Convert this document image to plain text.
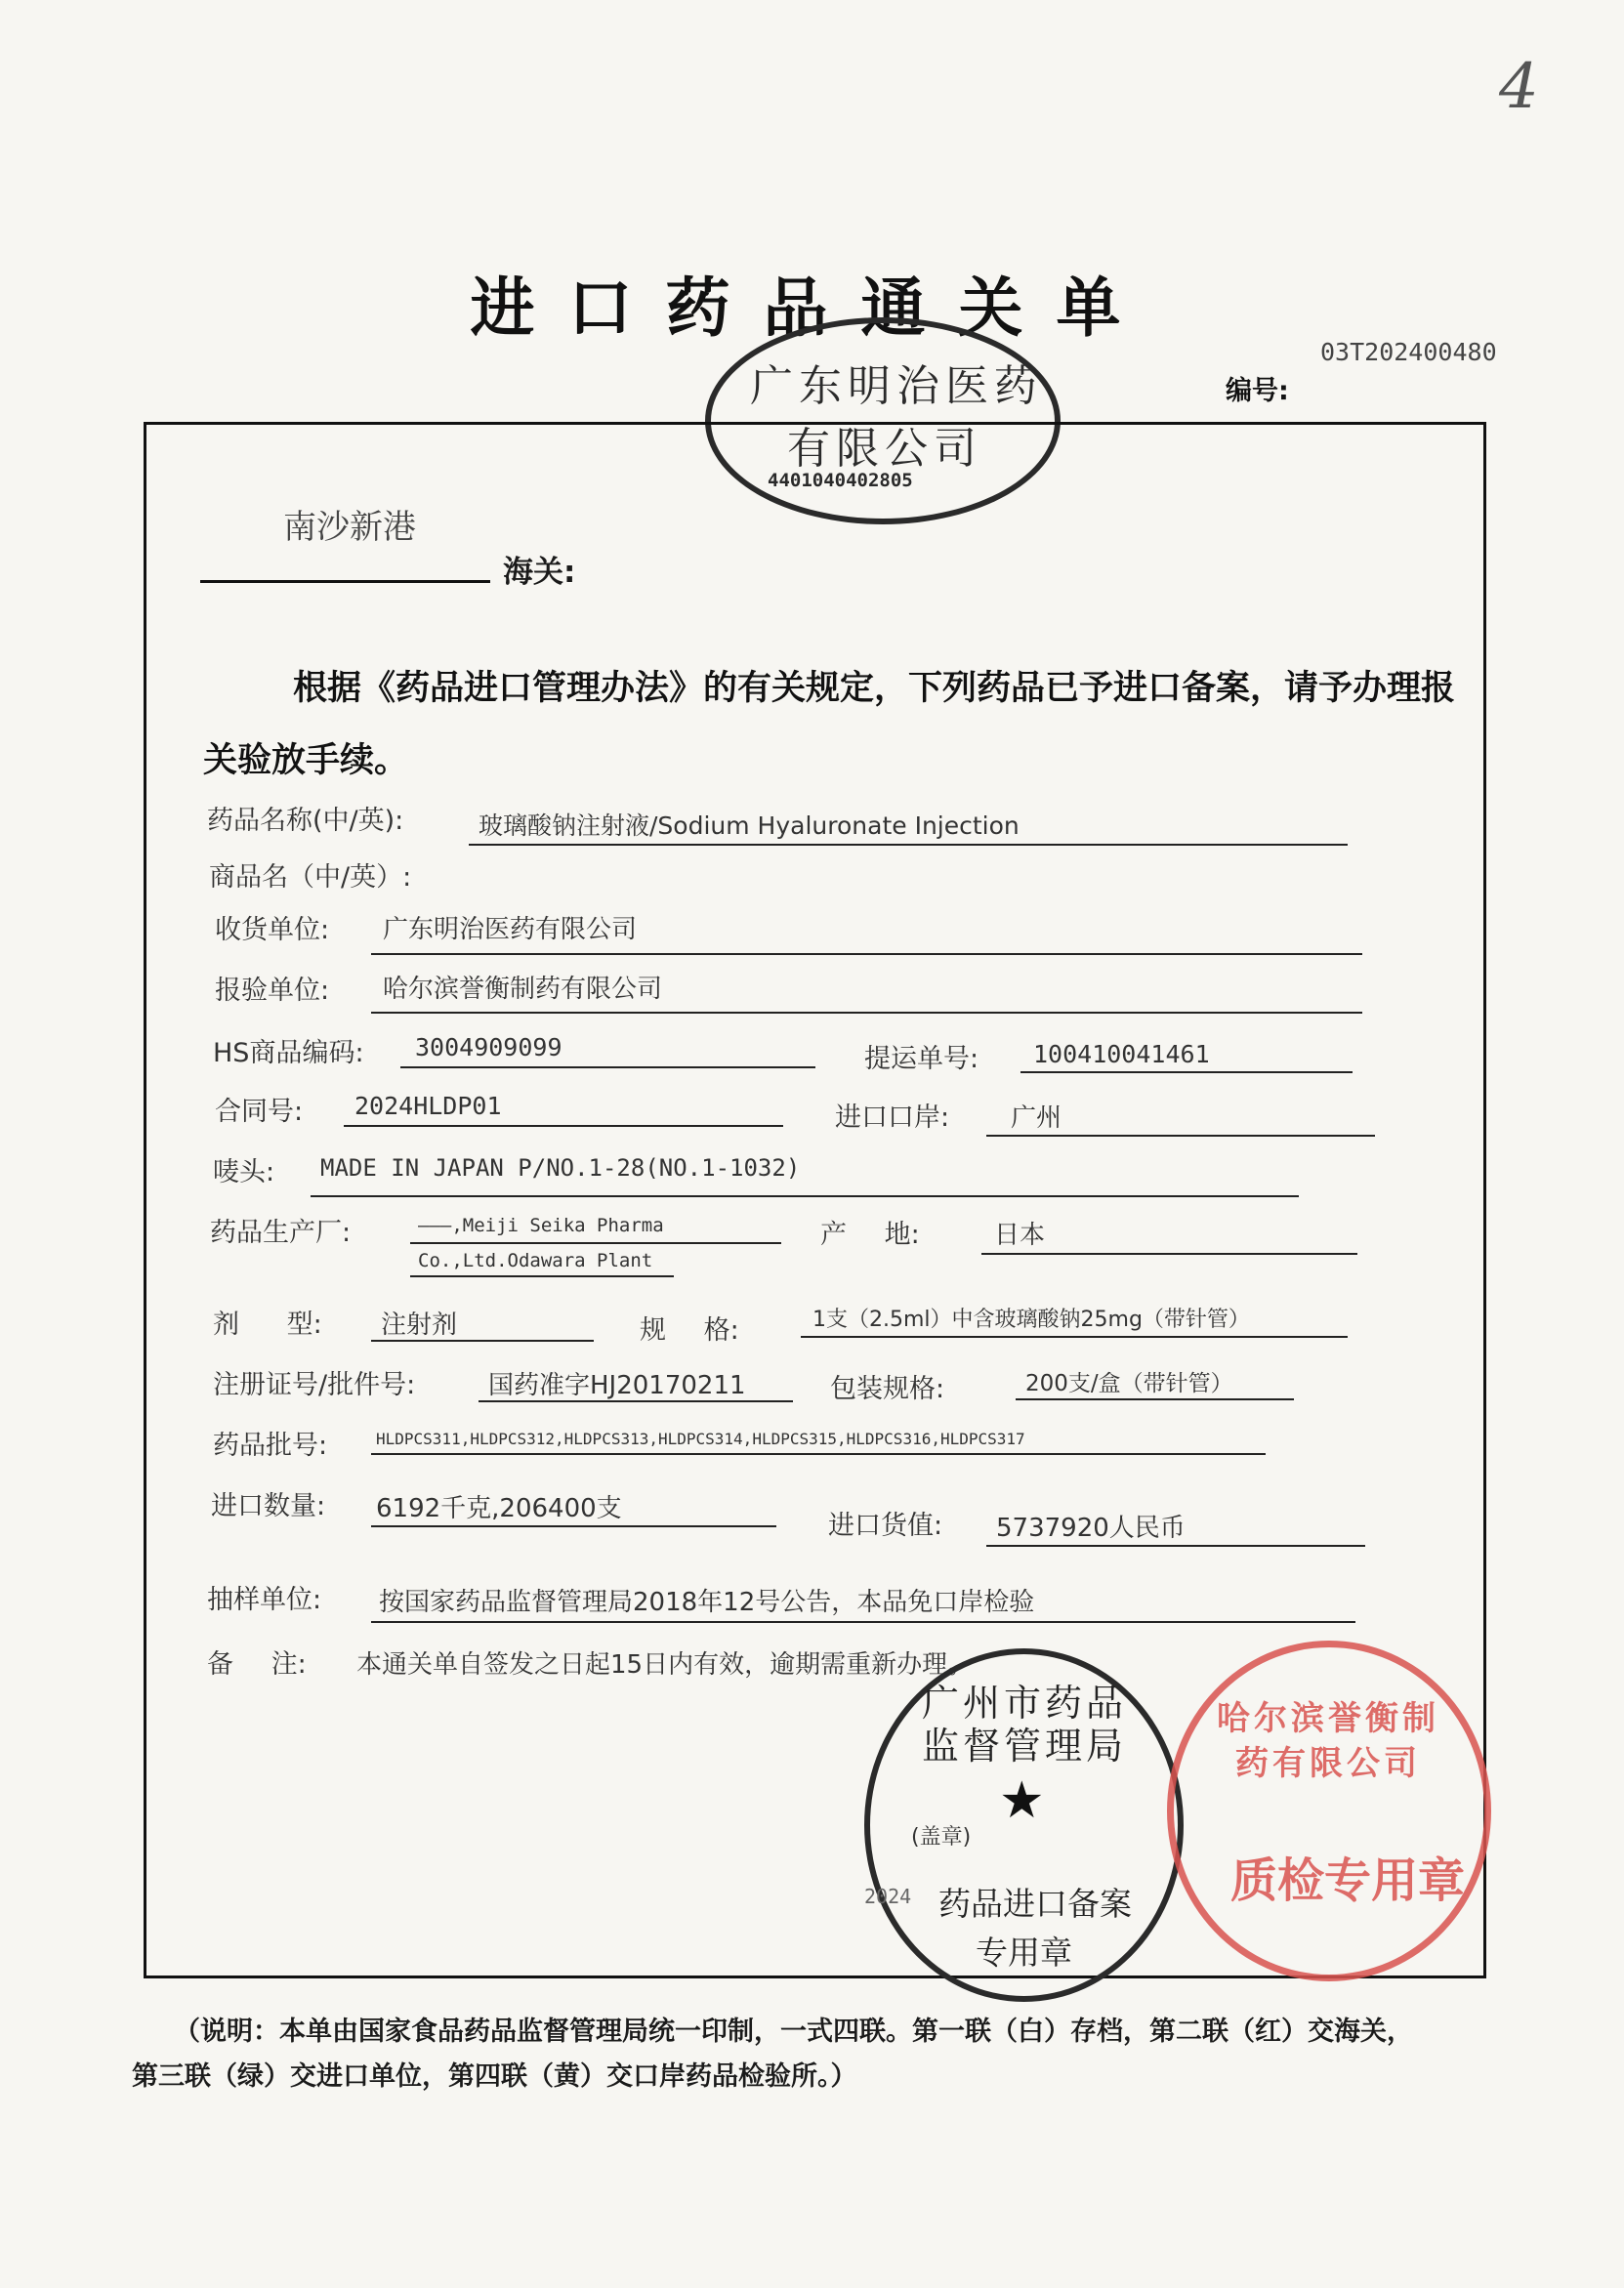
4
进口药品通关单
03T202400480
编号:
广东明治医药
有限公司
4401040402805
南沙新港
海关:
根据《药品进口管理办法》的有关规定，下列药品已予进口备案，请予办理报关验放手续。
药品名称(中/英):	玻璃酸钠注射液/Sodium Hyaluronate Injection
商品名（中/英）:
收货单位: 广东明治医药有限公司
报验单位: 哈尔滨誉衡制药有限公司
HS商品编码: 3004909099	提运单号: 100410041461
合同号: 2024HLDP01	进口口岸: 广州
唛头: MADE IN JAPAN P/NO.1-28(NO.1-1032)
药品生产厂:	———,Meiji Seika Pharma
Co.,Ltd.Odawara Plant
产 地:	日本
剂 型: 注射剂	规 格:	1支（2.5ml）中含玻璃酸钠25mg（带针管）
注册证号/批件号:	国药准字HJ20170211	包装规格:	200支/盒（带针管）
药品批号:	HLDPCS311,HLDPCS312,HLDPCS313,HLDPCS314,HLDPCS315,HLDPCS316,HLDPCS317
进口数量: 6192千克,206400支
进口货值: 5737920人民币
抽样单位: 按国家药品监督管理局2018年12号公告，本品免口岸检验
备 注: 本通关单自签发之日起15日内有效，逾期需重新办理。
广州市药品监督管理局
★
(盖章)
药品进口备案
专用章
2024
哈尔滨誉衡制药有限公司
质检专用章
（说明：本单由国家食品药品监督管理局统一印制，一式四联。第一联（白）存档，第二联（红）交海关，
第三联（绿）交进口单位，第四联（黄）交口岸药品检验所。）
